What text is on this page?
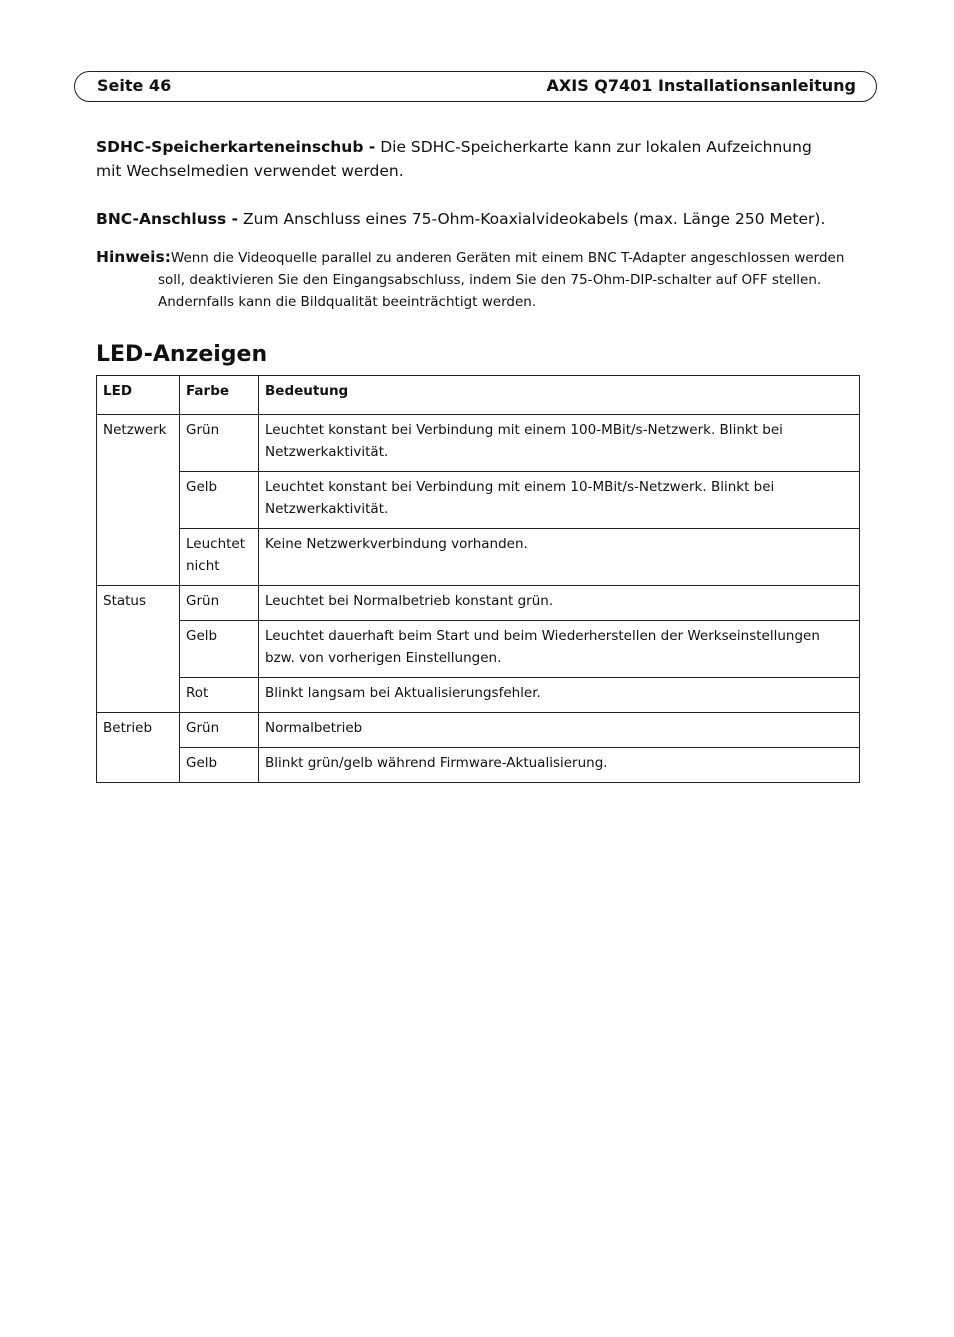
Seite 46	AXIS Q7401 Installationsanleitung
SDHC-Speicherkarteneinschub - Die SDHC-Speicherkarte kann zur lokalen Aufzeichnung mit Wechselmedien verwendet werden.
BNC-Anschluss - Zum Anschluss eines 75-Ohm-Koaxialvideokabels (max. Länge 250 Meter).
Hinweis:Wenn die Videoquelle parallel zu anderen Geräten mit einem BNC T-Adapter angeschlossen werden
soll, deaktivieren Sie den Eingangsabschluss, indem Sie den 75-Ohm-DIP-schalter auf OFF stellen.
Andernfalls kann die Bildqualität beeinträchtigt werden.
LED-Anzeigen
LED	Farbe	Bedeutung
Netzwerk	Grün	Leuchtet konstant bei Verbindung mit einem 100-MBit/s-Netzwerk. Blinkt bei Netzwerkaktivität.
	Gelb	Leuchtet konstant bei Verbindung mit einem 10-MBit/s-Netzwerk. Blinkt bei Netzwerkaktivität.
	Leuchtet nicht	Keine Netzwerkverbindung vorhanden.
Status	Grün	Leuchtet bei Normalbetrieb konstant grün.
	Gelb	Leuchtet dauerhaft beim Start und beim Wiederherstellen der Werkseinstellungen bzw. von vorherigen Einstellungen.
	Rot	Blinkt langsam bei Aktualisierungsfehler.
Betrieb	Grün	Normalbetrieb
	Gelb	Blinkt grün/gelb während Firmware-Aktualisierung.
